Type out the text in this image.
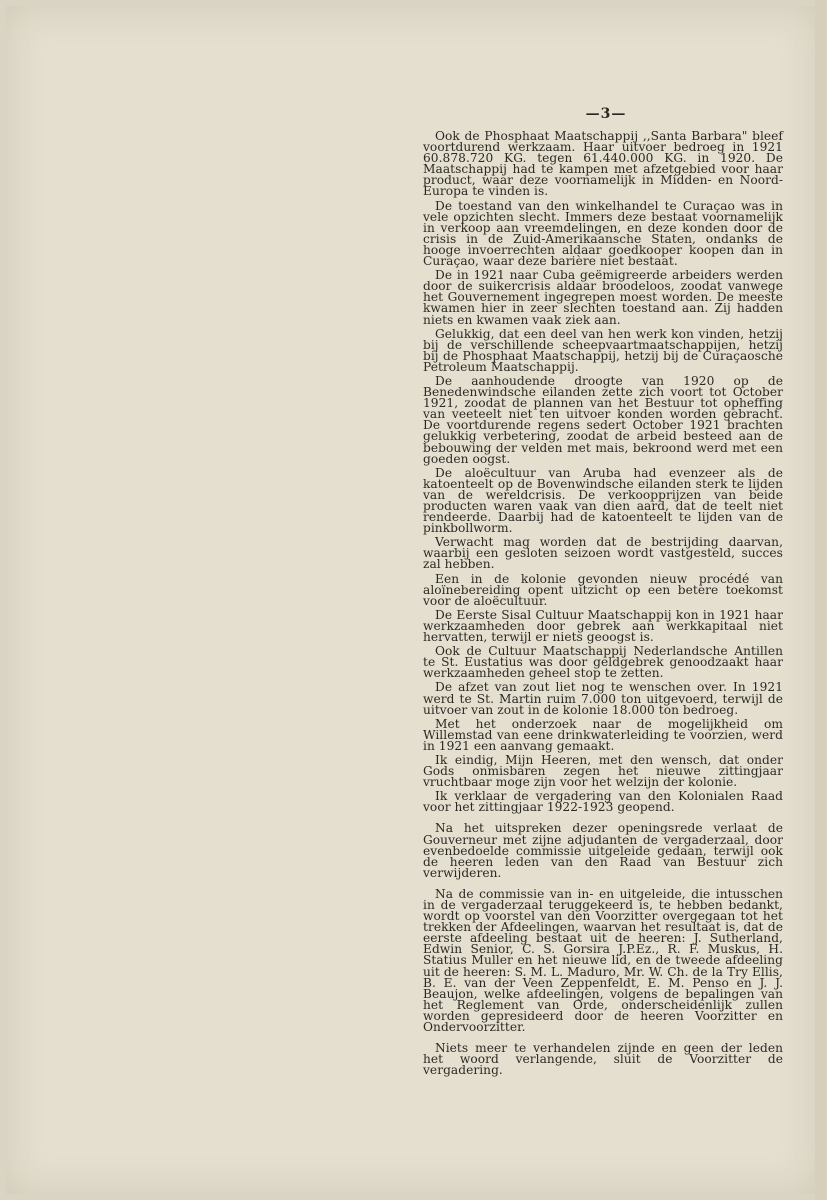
—3—

Ook de Phosphaat Maatschappij ,,Santa Barbara" bleef voortdurend werkzaam. Haar uitvoer bedroeg in 1921 60.878.720 KG. tegen 61.440.000 KG. in 1920. De Maatschappij had te kampen met afzetgebied voor haar product, waar deze voornamelijk in Midden- en Noord-Europa te vinden is.

De toestand van den winkelhandel te Curaçao was in vele opzichten slecht. Immers deze bestaat voornamelijk in verkoop aan vreemdelingen, en deze konden door de crisis in de Zuid-Amerikaansche Staten, ondanks de hooge invoerrechten aldaar goedkooper koopen dan in Curaçao, waar deze barière niet bestaat.

De in 1921 naar Cuba geëmigreerde arbeiders werden door de suikercrisis aldaar broodeloos, zoodat vanwege het Gouvernement ingegrepen moest worden. De meeste kwamen hier in zeer slechten toestand aan. Zij hadden niets en kwamen vaak ziek aan.

Gelukkig, dat een deel van hen werk kon vinden, hetzij bij de verschillende scheepvaartmaatschappijen, hetzij bij de Phosphaat Maatschappij, hetzij bij de Curaçaosche Petroleum Maatschappij.

De aanhoudende droogte van 1920 op de Benedenwindsche eilanden zette zich voort tot October 1921, zoodat de plannen van het Bestuur tot opheffing van veeteelt niet ten uitvoer konden worden gebracht. De voortdurende regens sedert October 1921 brachten gelukkig verbetering, zoodat de arbeid besteed aan de bebouwing der velden met mais, bekroond werd met een goeden oogst.

De aloëcultuur van Aruba had evenzeer als de katoenteelt op de Bovenwindsche eilanden sterk te lijden van de wereldcrisis. De verkoopprijzen van beide producten waren vaak van dien aard, dat de teelt niet rendeerde. Daarbij had de katoenteelt te lijden van de pinkbollworm.

Verwacht mag worden dat de bestrijding daarvan, waarbij een gesloten seizoen wordt vastgesteld, succes zal hebben.

Een in de kolonie gevonden nieuw procédé van aloïnebereiding opent uitzicht op een betere toekomst voor de aloëcultuur.

De Eerste Sisal Cultuur Maatschappij kon in 1921 haar werkzaamheden door gebrek aan werkkapitaal niet hervatten, terwijl er niets geoogst is.

Ook de Cultuur Maatschappij Nederlandsche Antillen te St. Eustatius was door geldgebrek genoodzaakt haar werkzaamheden geheel stop te zetten.

De afzet van zout liet nog te wenschen over. In 1921 werd te St. Martin ruim 7.000 ton uitgevoerd, terwijl de uitvoer van zout in de kolonie 18.000 ton bedroeg.

Met het onderzoek naar de mogelijkheid om Willemstad van eene drinkwaterleiding te voorzien, werd in 1921 een aanvang gemaakt.

Ik eindig, Mijn Heeren, met den wensch, dat onder Gods onmisbaren zegen het nieuwe zittingjaar vruchtbaar moge zijn voor het welzijn der kolonie.

Ik verklaar de vergadering van den Kolonialen Raad voor het zittingjaar 1922-1923 geopend.

Na het uitspreken dezer openingsrede verlaat de Gouverneur met zijne adjudanten de vergaderzaal, door evenbedoelde commissie uitgeleide gedaan, terwijl ook de heeren leden van den Raad van Bestuur zich verwijderen.

Na de commissie van in- en uitgeleide, die intusschen in de vergaderzaal teruggekeerd is, te hebben bedankt, wordt op voorstel van den Voorzitter overgegaan tot het trekken der Afdeelingen, waarvan het resultaat is, dat de eerste afdeeling bestaat uit de heeren: J. Sutherland, Edwin Senior, C. S. Gorsira J.P.Ez., R. F. Muskus, H. Statius Muller en het nieuwe lid, en de tweede afdeeling uit de heeren: S. M. L. Maduro, Mr. W. Ch. de la Try Ellis, B. E. van der Veen Zeppenfeldt, E. M. Penso en J. J. Beaujon, welke afdeelingen, volgens de bepalingen van het Reglement van Orde, onderscheidenlijk zullen worden gepresideerd door de heeren Voorzitter en Ondervoorzitter.

Niets meer te verhandelen zijnde en geen der leden het woord verlangende, sluit de Voorzitter de vergadering.
